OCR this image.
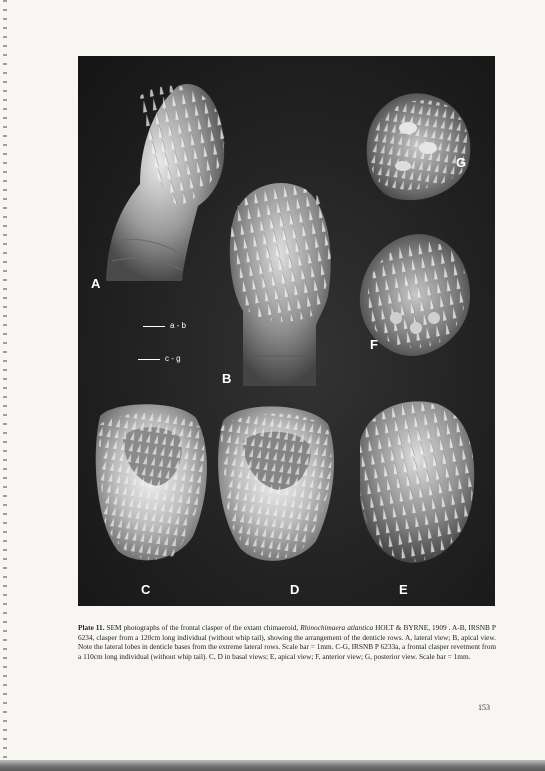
A
B
G
F
C	D	E
a - b
c - g
Plate 11. SEM photographs of the frontal clasper of the extant chimaeroid, Rhinochimaera atlantica HOLT & BYRNE, 1909 . A-B, IRSNB P 6234, clasper from a 120cm long individual (without whip tail), showing the arrangement of the denticle rows. A, lateral view; B, apical view. Note the lateral lobes in denticle bases from the extreme lateral rows. Scale bar = 1mm. C-G, IRSNB P 6233a, a frontal clasper revetment from a 110cm long individual (without whip tail). C, D in basal views; E, apical view; F, anterior view; G, posterior view. Scale bar = 1mm.
153
